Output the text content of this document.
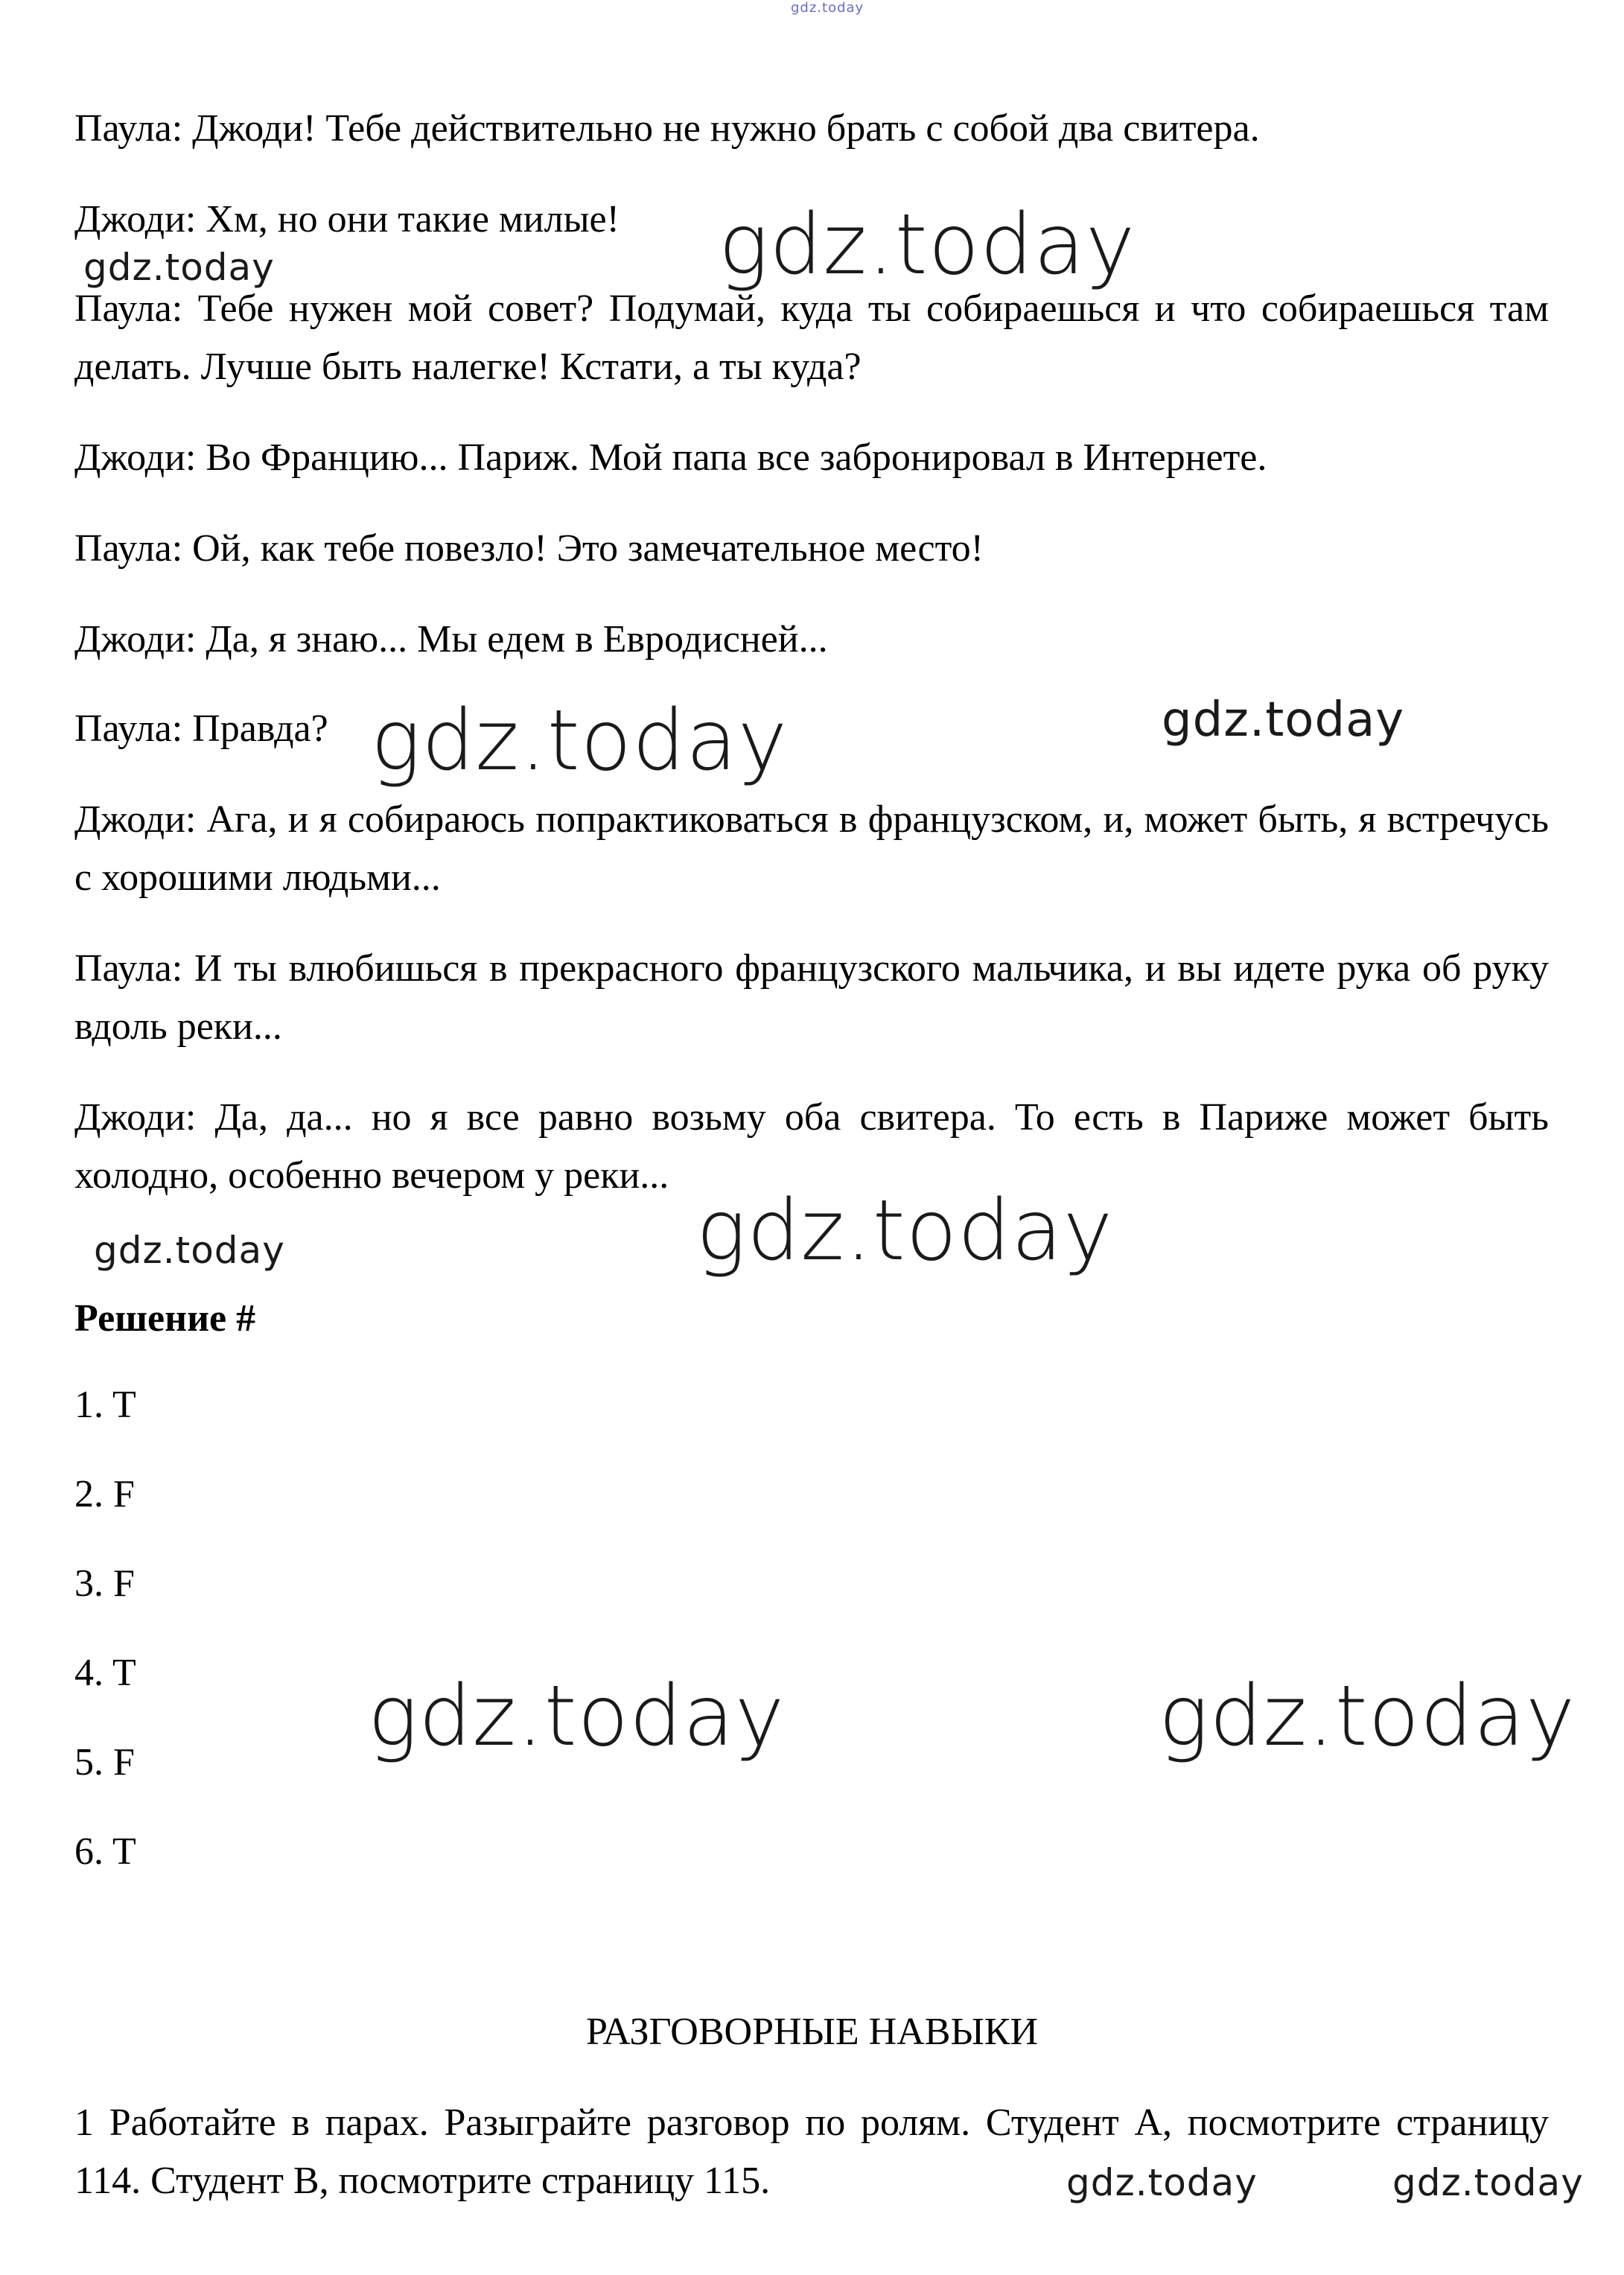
gdz.today
Паула: Джоди! Тебе действительно не нужно брать с собой два свитера.
Джоди: Хм, но они такие милые!
Паула: Тебе нужен мой совет? Подумай, куда ты собираешься и что собираешься там делать. Лучше быть налегке! Кстати, а ты куда?
Джоди: Во Францию... Париж. Мой папа все забронировал в Интернете.
Паула: Ой, как тебе повезло! Это замечательное место!
Джоди: Да, я знаю... Мы едем в Евродисней...
Паула: Правда?
Джоди: Ага, и я собираюсь попрактиковаться в французском, и, может быть, я встречусь с хорошими людьми...
Паула: И ты влюбишься в прекрасного французского мальчика, и вы идете рука об руку вдоль реки...
Джоди: Да, да... но я все равно возьму оба свитера. То есть в Париже может быть холодно, особенно вечером у реки...
Решение #
1. T
2. F
3. F
4. T
5. F
6. T
РАЗГОВОРНЫЕ НАВЫКИ
1 Работайте в парах. Разыграйте разговор по ролям. Студент А, посмотрите страницу 114. Студент В, посмотрите страницу 115.
gdz.today
gdz.today
gdz.today	gdz.today
gdz.today
gdz.today
gdz.today	gdz.today
gdz.today	gdz.today
